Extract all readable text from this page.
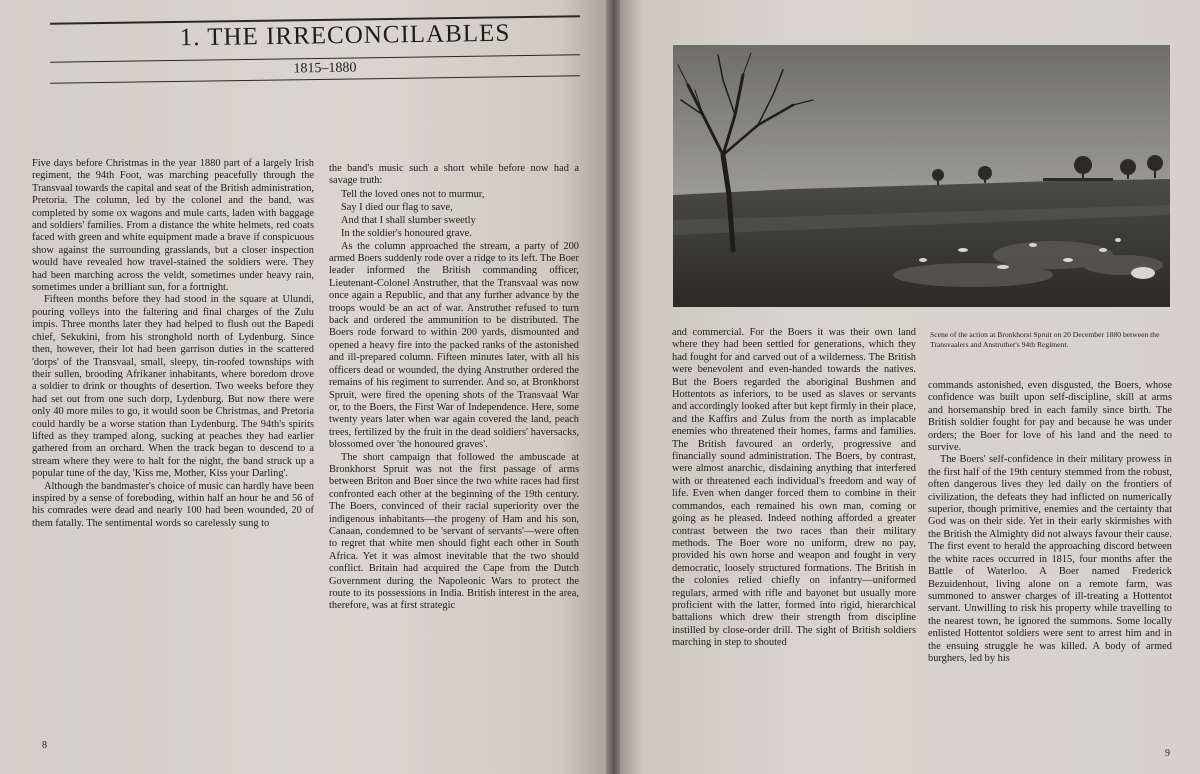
1. THE IRRECONCILABLES
1815–1880

Five days before Christmas in the year 1880 part of a largely Irish regiment, the 94th Foot, was marching peacefully through the Transvaal towards the capital and seat of the British administration, Pretoria. The column, led by the colonel and the band, was completed by some ox wagons and mule carts, laden with baggage and soldiers' families. From a distance the white helmets, red coats faced with green and white equipment made a brave if conspicuous show against the surrounding grasslands, but a closer inspection would have revealed how travel-stained the soldiers were. They had been marching across the veldt, sometimes under heavy rain, sometimes under a brilliant sun, for a fortnight.

Fifteen months before they had stood in the square at Ulundi, pouring volleys into the faltering and final charges of the Zulu impis. Three months later they had helped to flush out the Bapedi chief, Sekukini, from his stronghold north of Lydenburg. Since then, however, their lot had been garrison duties in the scattered 'dorps' of the Transvaal, small, sleepy, tin-roofed townships with their sullen, brooding Afrikaner inhabitants, where boredom drove a soldier to drink or thoughts of desertion. Two weeks before they had set out from one such dorp, Lydenburg. But now there were only 40 more miles to go, it would soon be Christmas, and Pretoria could hardly be a worse station than Lydenburg. The 94th's spirits lifted as they tramped along, sucking at peaches they had earlier gathered from an orchard. When the track began to descend to a stream where they were to halt for the night, the band struck up a popular tune of the day, 'Kiss me, Mother, Kiss your Darling'.

Although the bandmaster's choice of music can hardly have been inspired by a sense of foreboding, within half an hour he and 56 of his comrades were dead and nearly 100 had been wounded, 20 of them fatally. The sentimental words so carelessly sung to

the band's music such a short while before now had a savage truth:

Tell the loved ones not to murmur,
Say I died our flag to save,
And that I shall slumber sweetly
In the soldier's honoured grave.

As the column approached the stream, a party of 200 armed Boers suddenly rode over a ridge to its left. The Boer leader informed the British commanding officer, Lieutenant-Colonel Anstruther, that the Transvaal was now once again a Republic, and that any further advance by the troops would be an act of war. Anstruther refused to turn back and ordered the ammunition to be distributed. The Boers rode forward to within 200 yards, dismounted and opened a heavy fire into the packed ranks of the astonished and ill-prepared column. Fifteen minutes later, with all his officers dead or wounded, the dying Anstruther ordered the remains of his regiment to surrender. And so, at Bronkhorst Spruit, were fired the opening shots of the Transvaal War or, to the Boers, the First War of Independence. Here, some twenty years later when war again covered the land, peach trees, fertilized by the fruit in the dead soldiers' haversacks, blossomed over 'the honoured graves'.

The short campaign that followed the ambuscade at Bronkhorst Spruit was not the first passage of arms between Briton and Boer since the two white races had first confronted each other at the beginning of the 19th century. The Boers, convinced of their racial superiority over the indigenous inhabitants—the progeny of Ham and his son, Canaan, condemned to be 'servant of servants'—were often to regret that white men should fight each other in South Africa. Yet it was almost inevitable that the two should conflict. Britain had acquired the Cape from the Dutch Government during the Napoleonic Wars to protect the route to its possessions in India. British interest in the area, therefore, was at first strategic

8
Scene of the action at Bronkhorst Spruit on 20 December 1880 between the Transvaalers and Anstruther's 94th Regiment.

and commercial. For the Boers it was their own land where they had been settled for generations, which they had fought for and carved out of a wilderness. The British were benevolent and even-handed towards the natives. But the Boers regarded the aboriginal Bushmen and Hottentots as inferiors, to be used as slaves or servants and accordingly looked after but kept firmly in their place, and the Kaffirs and Zulus from the north as implacable enemies who threatened their homes, farms and families. The British favoured an orderly, progressive and financially sound administration. The Boers, by contrast, were almost anarchic, disdaining anything that interfered with or threatened each individual's freedom and way of life. Even when danger forced them to combine in their commandos, each remained his own man, coming or going as he pleased. Indeed nothing afforded a greater contrast between the two races than their military methods. The Boer wore no uniform, drew no pay, provided his own horse and weapon and fought in very democratic, loosely structured formations. The British in the colonies relied chiefly on infantry—uniformed regulars, armed with rifle and bayonet but usually more proficient with the latter, formed into rigid, hierarchical battalions which drew their strength from discipline instilled by close-order drill. The sight of British soldiers marching in step to shouted

commands astonished, even disgusted, the Boers, whose confidence was built upon self-discipline, skill at arms and horsemanship bred in each family since birth. The British soldier fought for pay and because he was under orders; the Boer for love of his land and the need to survive.

The Boers' self-confidence in their military prowess in the first half of the 19th century stemmed from the robust, often dangerous lives they led daily on the frontiers of civilization, the defeats they had inflicted on numerically superior, though primitive, enemies and the certainty that God was on their side. Yet in their early skirmishes with the British the Almighty did not always favour their cause. The first event to herald the approaching discord between the white races occurred in 1815, four months after the Battle of Waterloo. A Boer named Frederick Bezuidenhout, living alone on a remote farm, was summoned to answer charges of ill-treating a Hottentot servant. Unwilling to risk his property while travelling to the nearest town, he ignored the summons. Some locally enlisted Hottentot soldiers were sent to arrest him and in the ensuing struggle he was killed. A body of armed burghers, led by his

9
